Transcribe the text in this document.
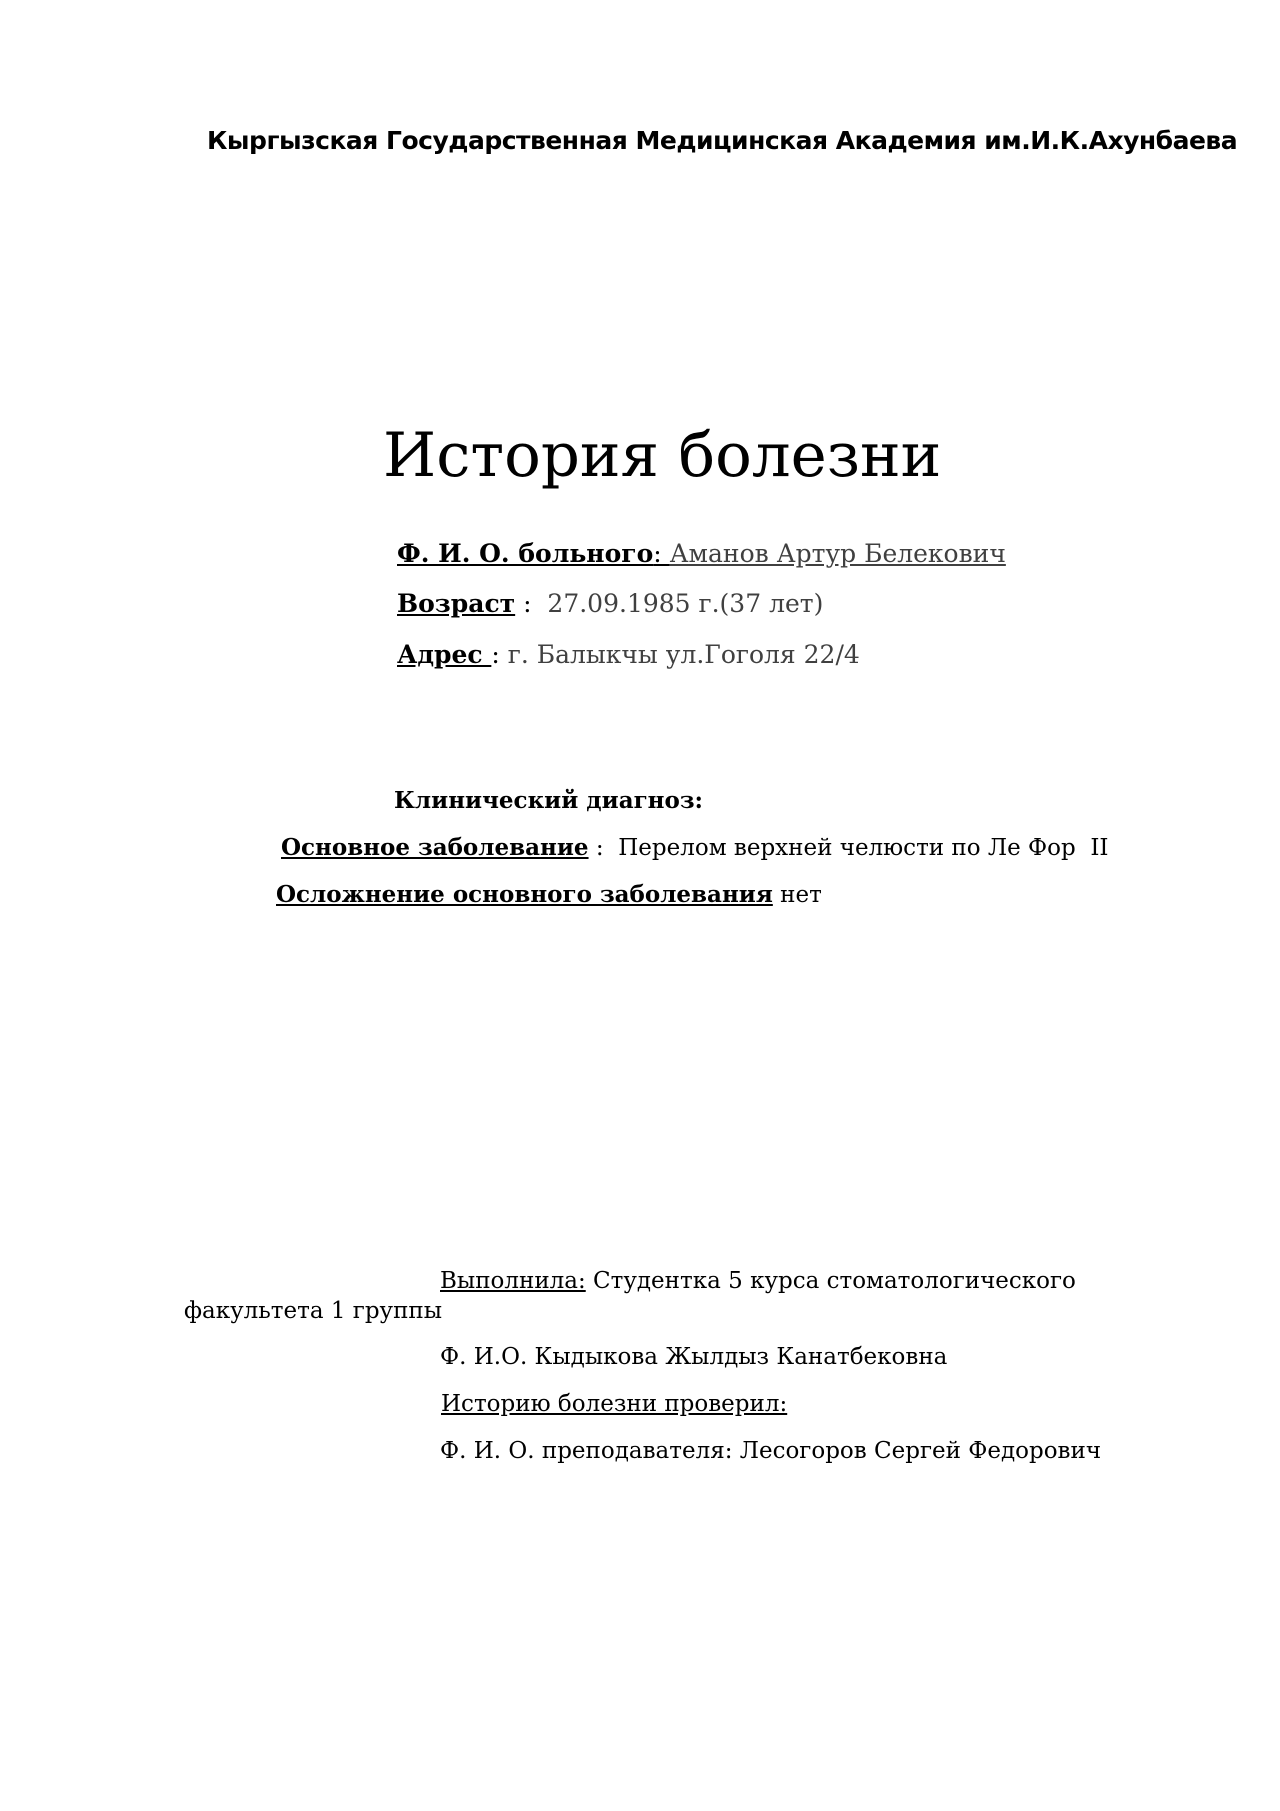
Кыргызская Государственная Медицинская Академия им.И.К.Ахунбаева
История болезни
Ф. И. О. больного: Аманов Артур Белекович
Возраст :  27.09.1985 г.(37 лет)
Адрес : г. Балыкчы ул.Гоголя 22/4
Клинический диагноз:
Основное заболевание :  Перелом верхней челюсти по Ле Фор  II
Осложнение основного заболевания нет
Выполнила: Студентка 5 курса стоматологического
факультета 1 группы
Ф. И.О. Кыдыкова Жылдыз Канатбековна
Историю болезни проверил:
Ф. И. О. преподавателя: Лесогоров Сергей Федорович
